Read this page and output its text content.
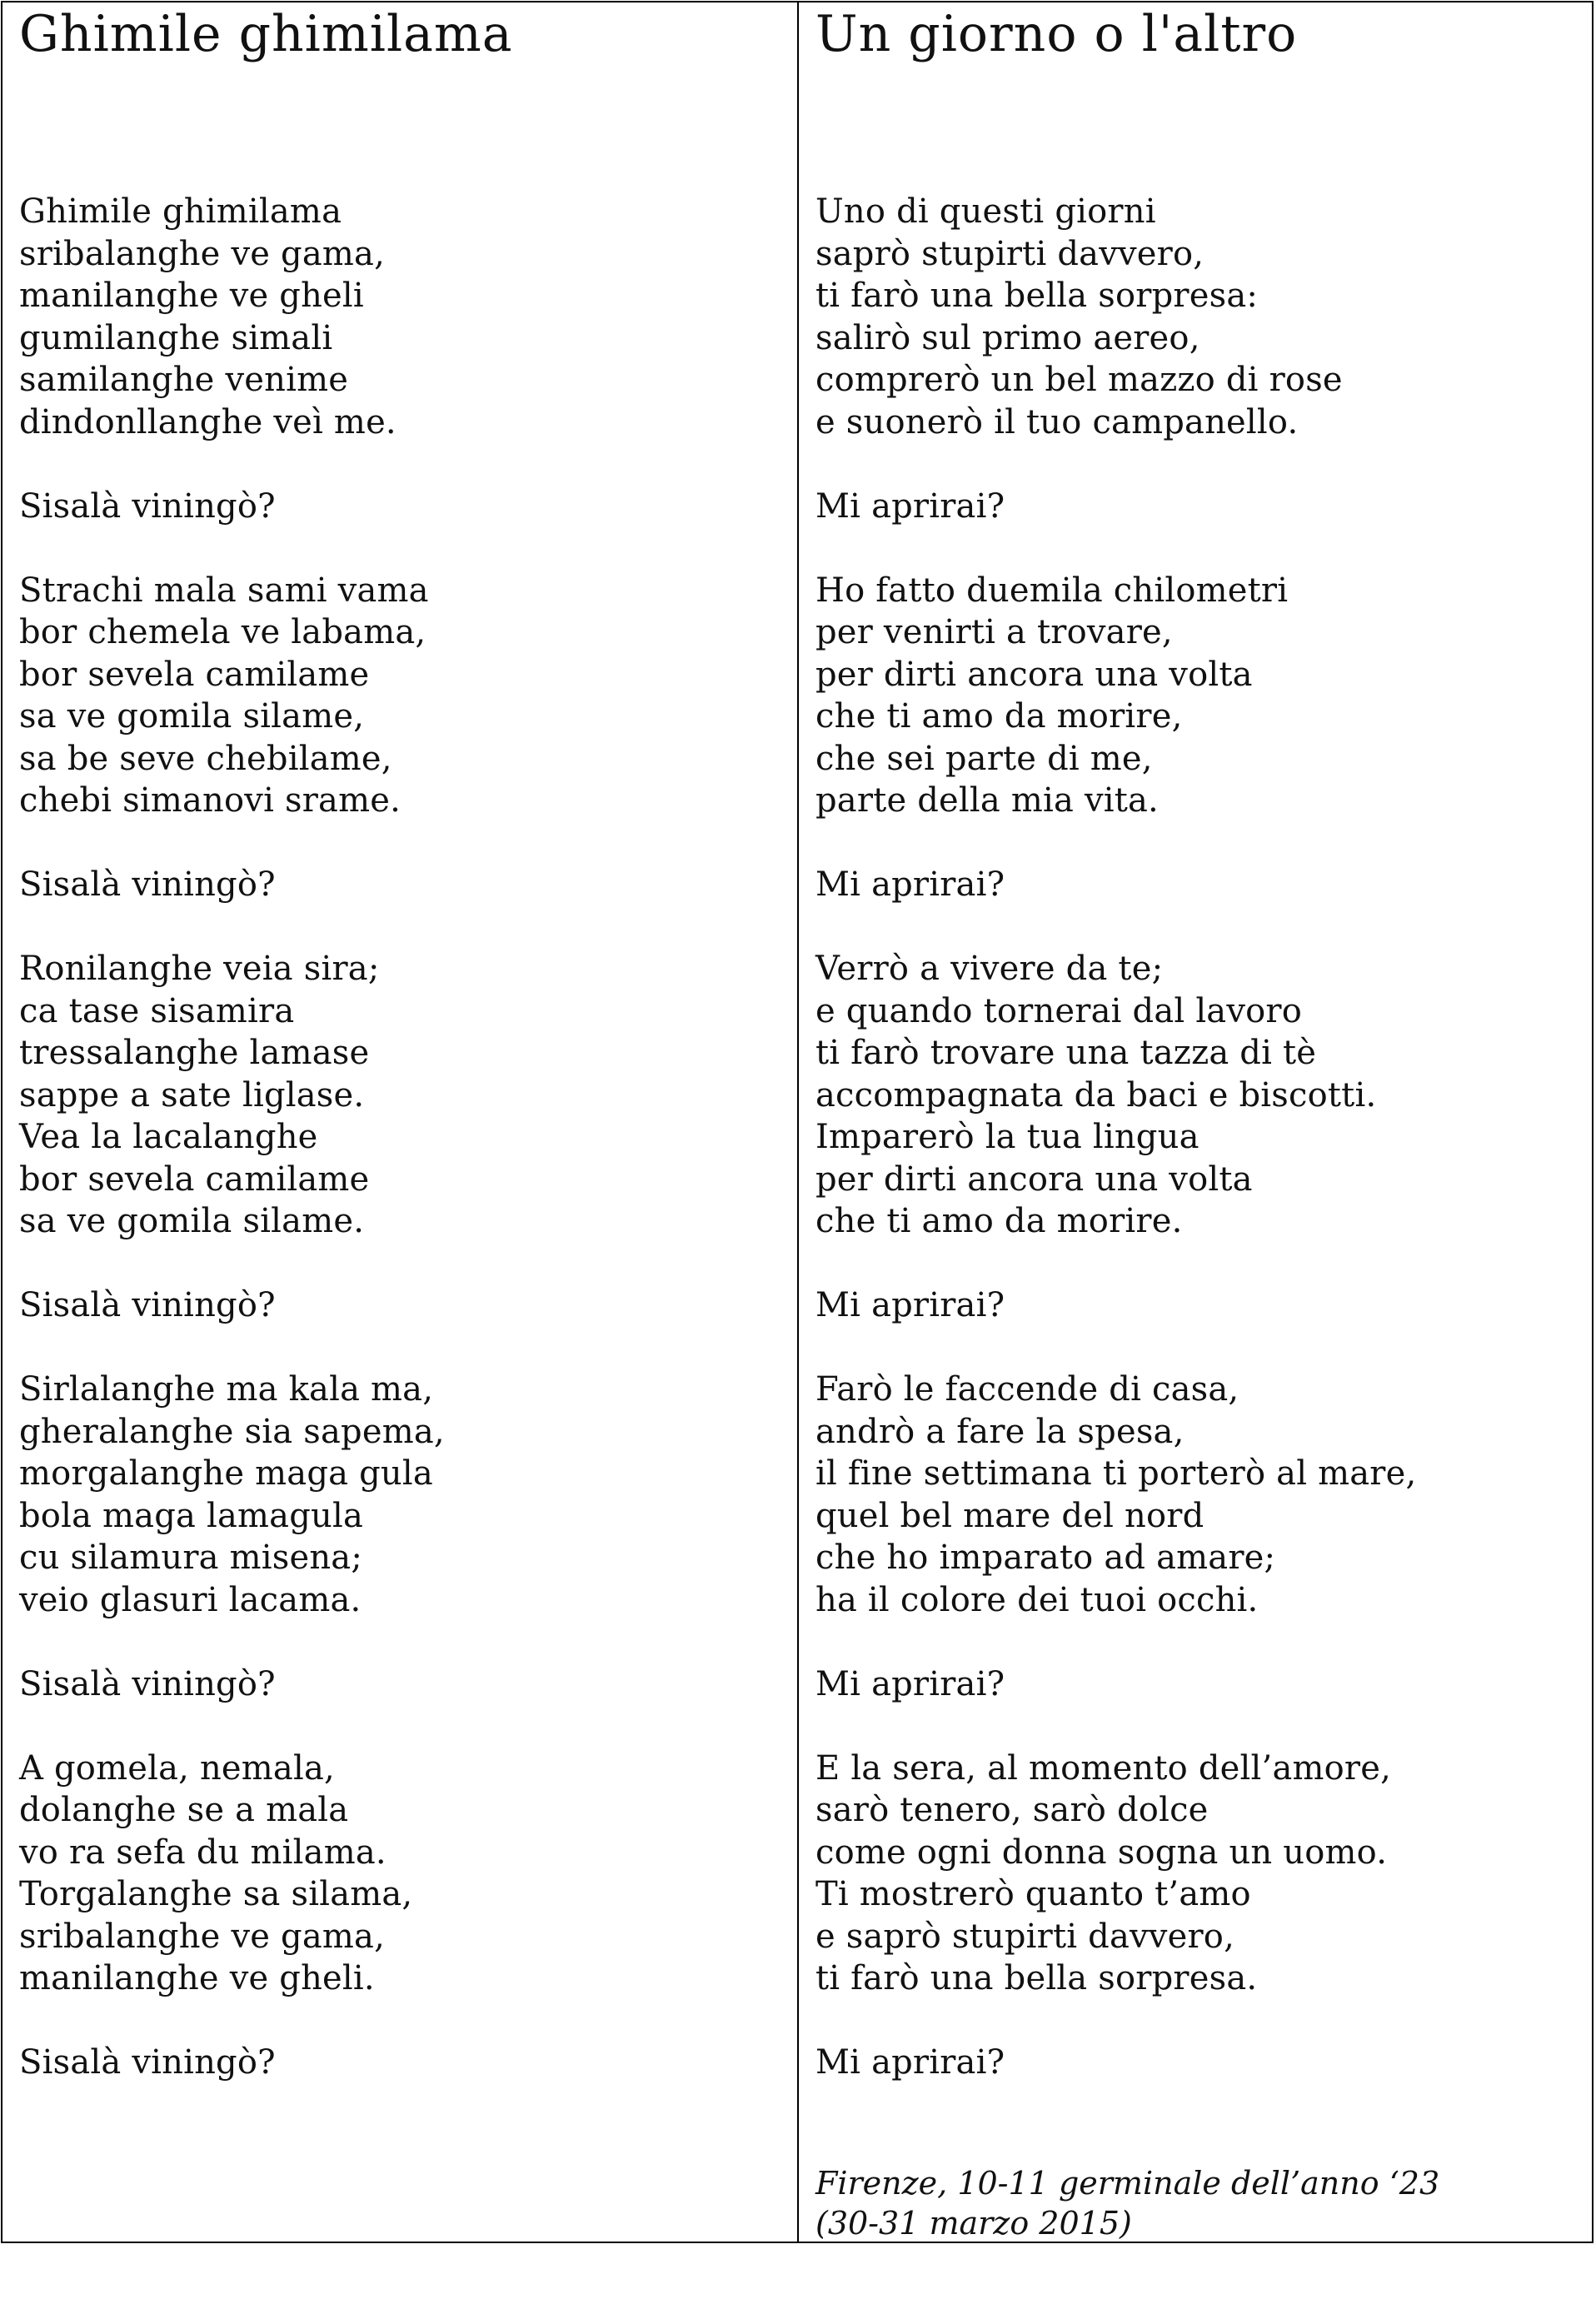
Ghimile ghimilama
Ghimile ghimilama
sribalanghe ve gama,
manilanghe ve gheli
gumilanghe simali
samilanghe venime
dindonllanghe veì me.
Sisalà viningò?
Strachi mala sami vama
bor chemela ve labama,
bor sevela camilame
sa ve gomila silame,
sa be seve chebilame,
chebi simanovi srame.
Sisalà viningò?
Ronilanghe veia sira;
ca tase sisamira
tressalanghe lamase
sappe a sate liglase.
Vea la lacalanghe
bor sevela camilame
sa ve gomila silame.
Sisalà viningò?
Sirlalanghe ma kala ma,
gheralanghe sia sapema,
morgalanghe maga gula
bola maga lamagula
cu silamura misena;
veio glasuri lacama.
Sisalà viningò?
A gomela, nemala,
dolanghe se a mala
vo ra sefa du milama.
Torgalanghe sa silama,
sribalanghe ve gama,
manilanghe ve gheli.
Sisalà viningò?
Un giorno o l'altro
Uno di questi giorni
saprò stupirti davvero,
ti farò una bella sorpresa:
salirò sul primo aereo,
comprerò un bel mazzo di rose
e suonerò il tuo campanello.
Mi aprirai?
Ho fatto duemila chilometri
per venirti a trovare,
per dirti ancora una volta
che ti amo da morire,
che sei parte di me,
parte della mia vita.
Mi aprirai?
Verrò a vivere da te;
e quando tornerai dal lavoro
ti farò trovare una tazza di tè
accompagnata da baci e biscotti.
Imparerò la tua lingua
per dirti ancora una volta
che ti amo da morire.
Mi aprirai?
Farò le faccende di casa,
andrò a fare la spesa,
il fine settimana ti porterò al mare,
quel bel mare del nord
che ho imparato ad amare;
ha il colore dei tuoi occhi.
Mi aprirai?
E la sera, al momento dell’amore,
sarò tenero, sarò dolce
come ogni donna sogna un uomo.
Ti mostrerò quanto t’amo
e saprò stupirti davvero,
ti farò una bella sorpresa.
Mi aprirai?
Firenze, 10-11 germinale dell’anno ‘23
(30-31 marzo 2015)
